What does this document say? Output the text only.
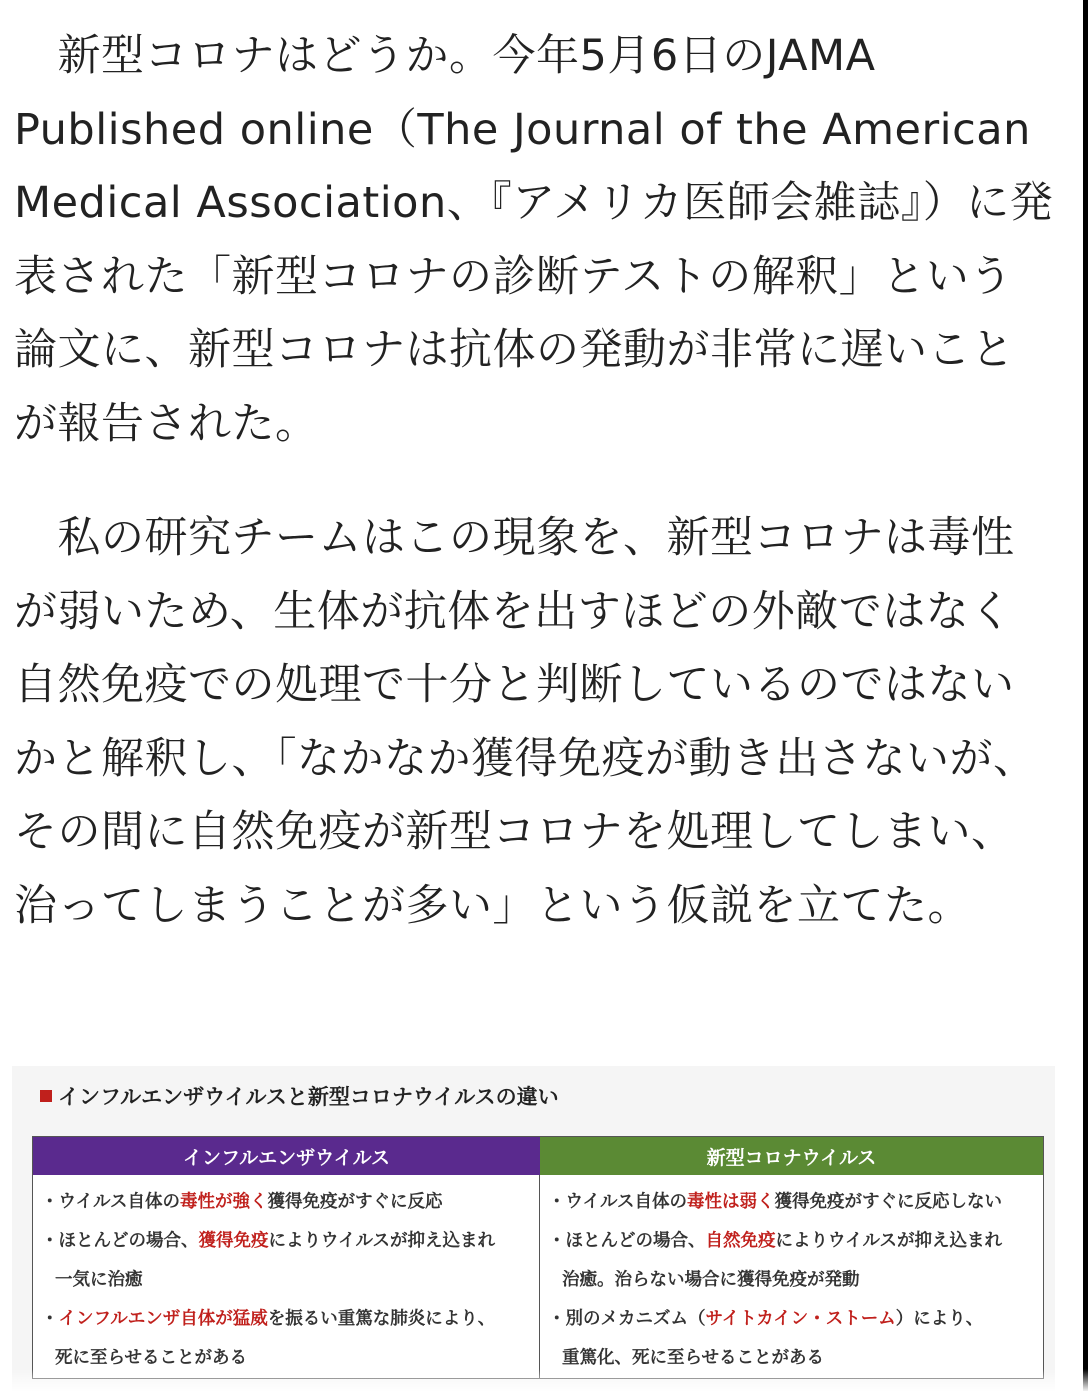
　新型コロナはどうか。今年5月6日のJAMA Published online（The Journal of the American Medical Association、『アメリカ医師会雑誌』）に発表された「新型コロナの診断テストの解釈」という論文に、新型コロナは抗体の発動が非常に遅いことが報告された。

　私の研究チームはこの現象を、新型コロナは毒性が弱いため、生体が抗体を出すほどの外敵ではなく自然免疫での処理で十分と判断しているのではないかと解釈し、「なかなか獲得免疫が動き出さないが、その間に自然免疫が新型コロナを処理してしまい、治ってしまうことが多い」という仮説を立てた。

インフルエンザウイルスと新型コロナウイルスの違い
インフルエンザウイルス	新型コロナウイルス
・ウイルス自体の毒性が強く獲得免疫がすぐに反応
・ほとんどの場合、獲得免疫によりウイルスが抑え込まれ
一気に治癒
・インフルエンザ自体が猛威を振るい重篤な肺炎により、
死に至らせることがある
・ウイルス自体の毒性は弱く獲得免疫がすぐに反応しない
・ほとんどの場合、自然免疫によりウイルスが抑え込まれ
治癒。治らない場合に獲得免疫が発動
・別のメカニズム（サイトカイン・ストーム）により、
重篤化、死に至らせることがある
